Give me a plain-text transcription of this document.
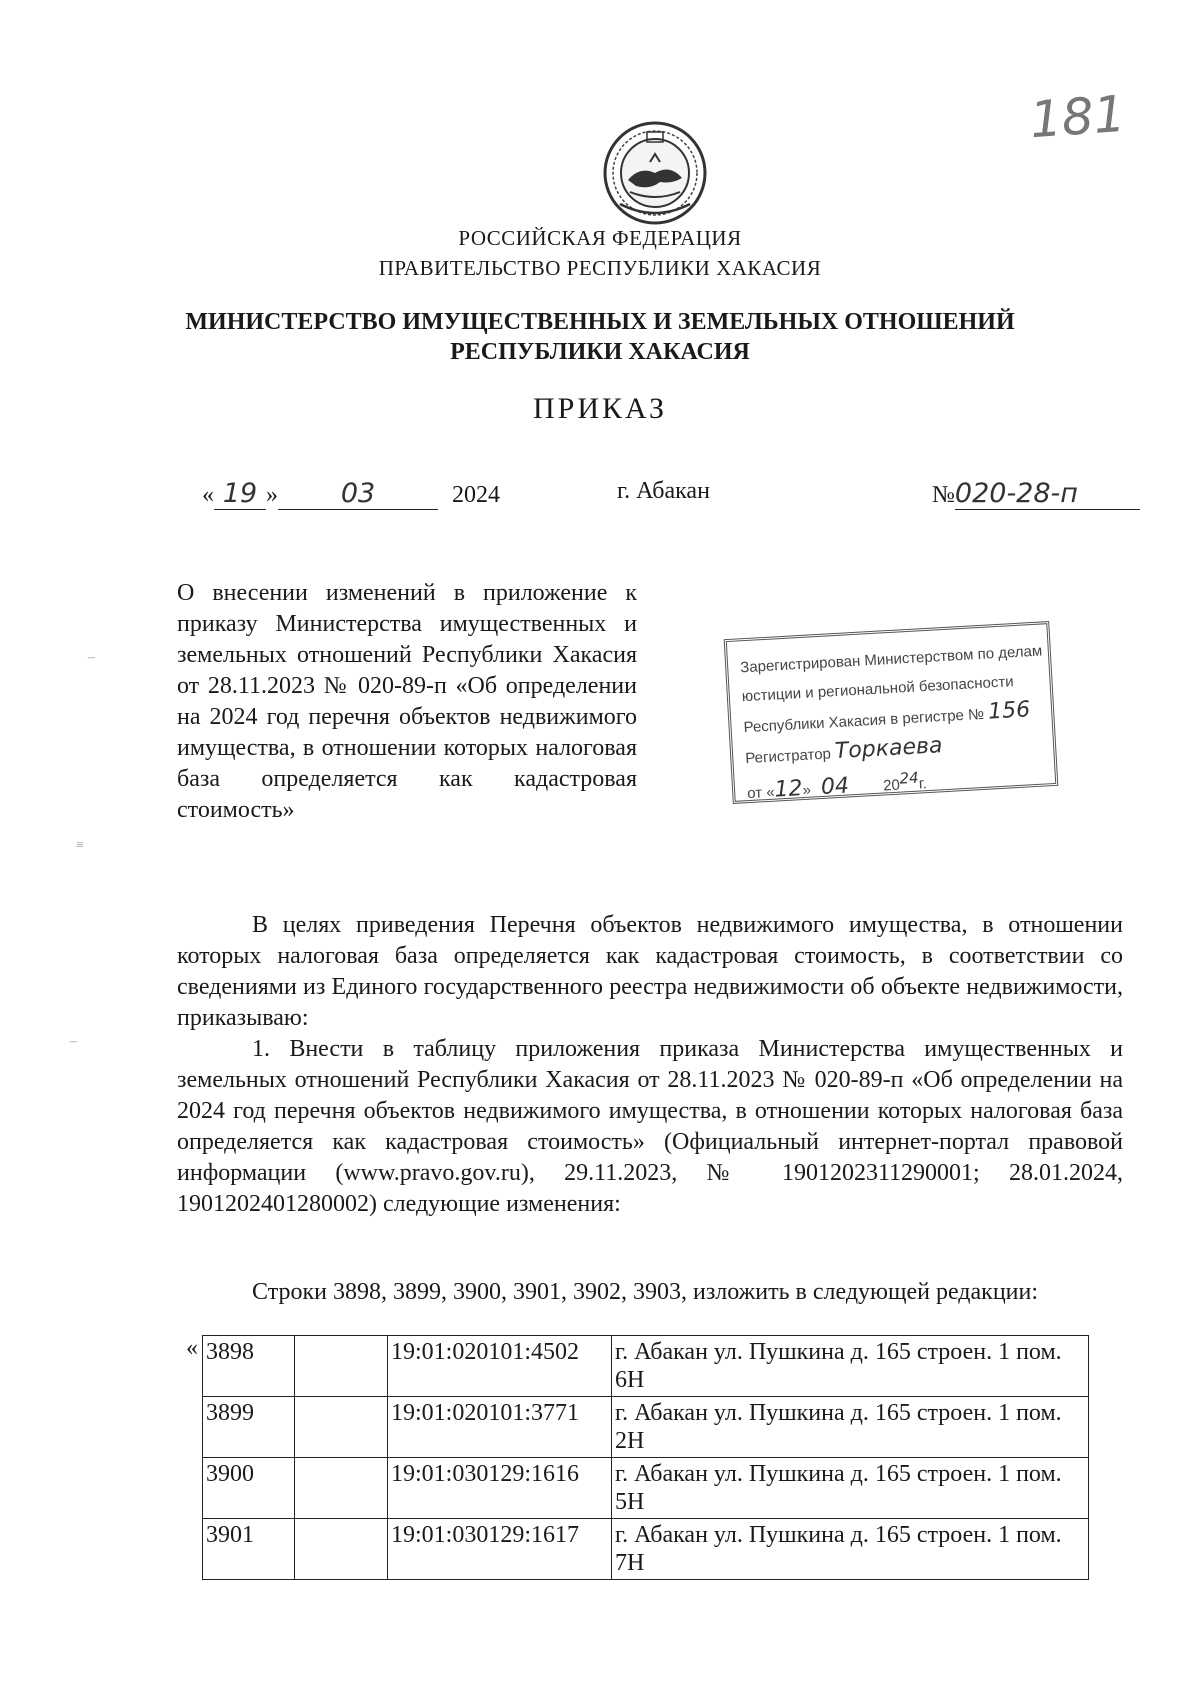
181
РОССИЙСКАЯ ФЕДЕРАЦИЯ
ПРАВИТЕЛЬСТВО РЕСПУБЛИКИ ХАКАСИЯ
МИНИСТЕРСТВО ИМУЩЕСТВЕННЫХ И ЗЕМЕЛЬНЫХ ОТНОШЕНИЙ
РЕСПУБЛИКИ ХАКАСИЯ
ПРИКАЗ
« 19 » 03	2024	г. Абакан	№020-28-п
О внесении изменений в приложение к приказу Министерства имущественных и земельных отношений Республики Хакасия от 28.11.2023 № 020-89-п «Об определении на 2024 год перечня объектов недвижимого имущества, в отношении которых налоговая база определяется как кадастровая стоимость»
Зарегистрирован Министерством по делам
юстиции и региональной безопасности
Республики Хакасия в регистре № 156
Регистратор Торкаева
от «12» 04 2024г.
–
≡
–
В целях приведения Перечня объектов недвижимого имущества, в отношении которых налоговая база определяется как кадастровая стоимость, в соответствии со сведениями из Единого государственного реестра недвижимости об объекте недвижимости, приказываю:
1. Внести в таблицу приложения приказа Министерства имущественных и земельных отношений Республики Хакасия от 28.11.2023 № 020-89-п «Об определении на 2024 год перечня объектов недвижимого имущества, в отношении которых налоговая база определяется как кадастровая стоимость» (Официальный интернет-портал правовой информации (www.pravo.gov.ru), 29.11.2023, № 1901202311290001; 28.01.2024, 1901202401280002) следующие изменения:
Строки 3898, 3899, 3900, 3901, 3902, 3903, изложить в следующей редакции:
« 3898		19:01:020101:4502	г. Абакан ул. Пушкина д. 165 строен. 1 пом. 6Н
3899		19:01:020101:3771	г. Абакан ул. Пушкина д. 165 строен. 1 пом. 2Н
3900		19:01:030129:1616	г. Абакан ул. Пушкина д. 165 строен. 1 пом. 5Н
3901		19:01:030129:1617	г. Абакан ул. Пушкина д. 165 строен. 1 пом. 7Н
